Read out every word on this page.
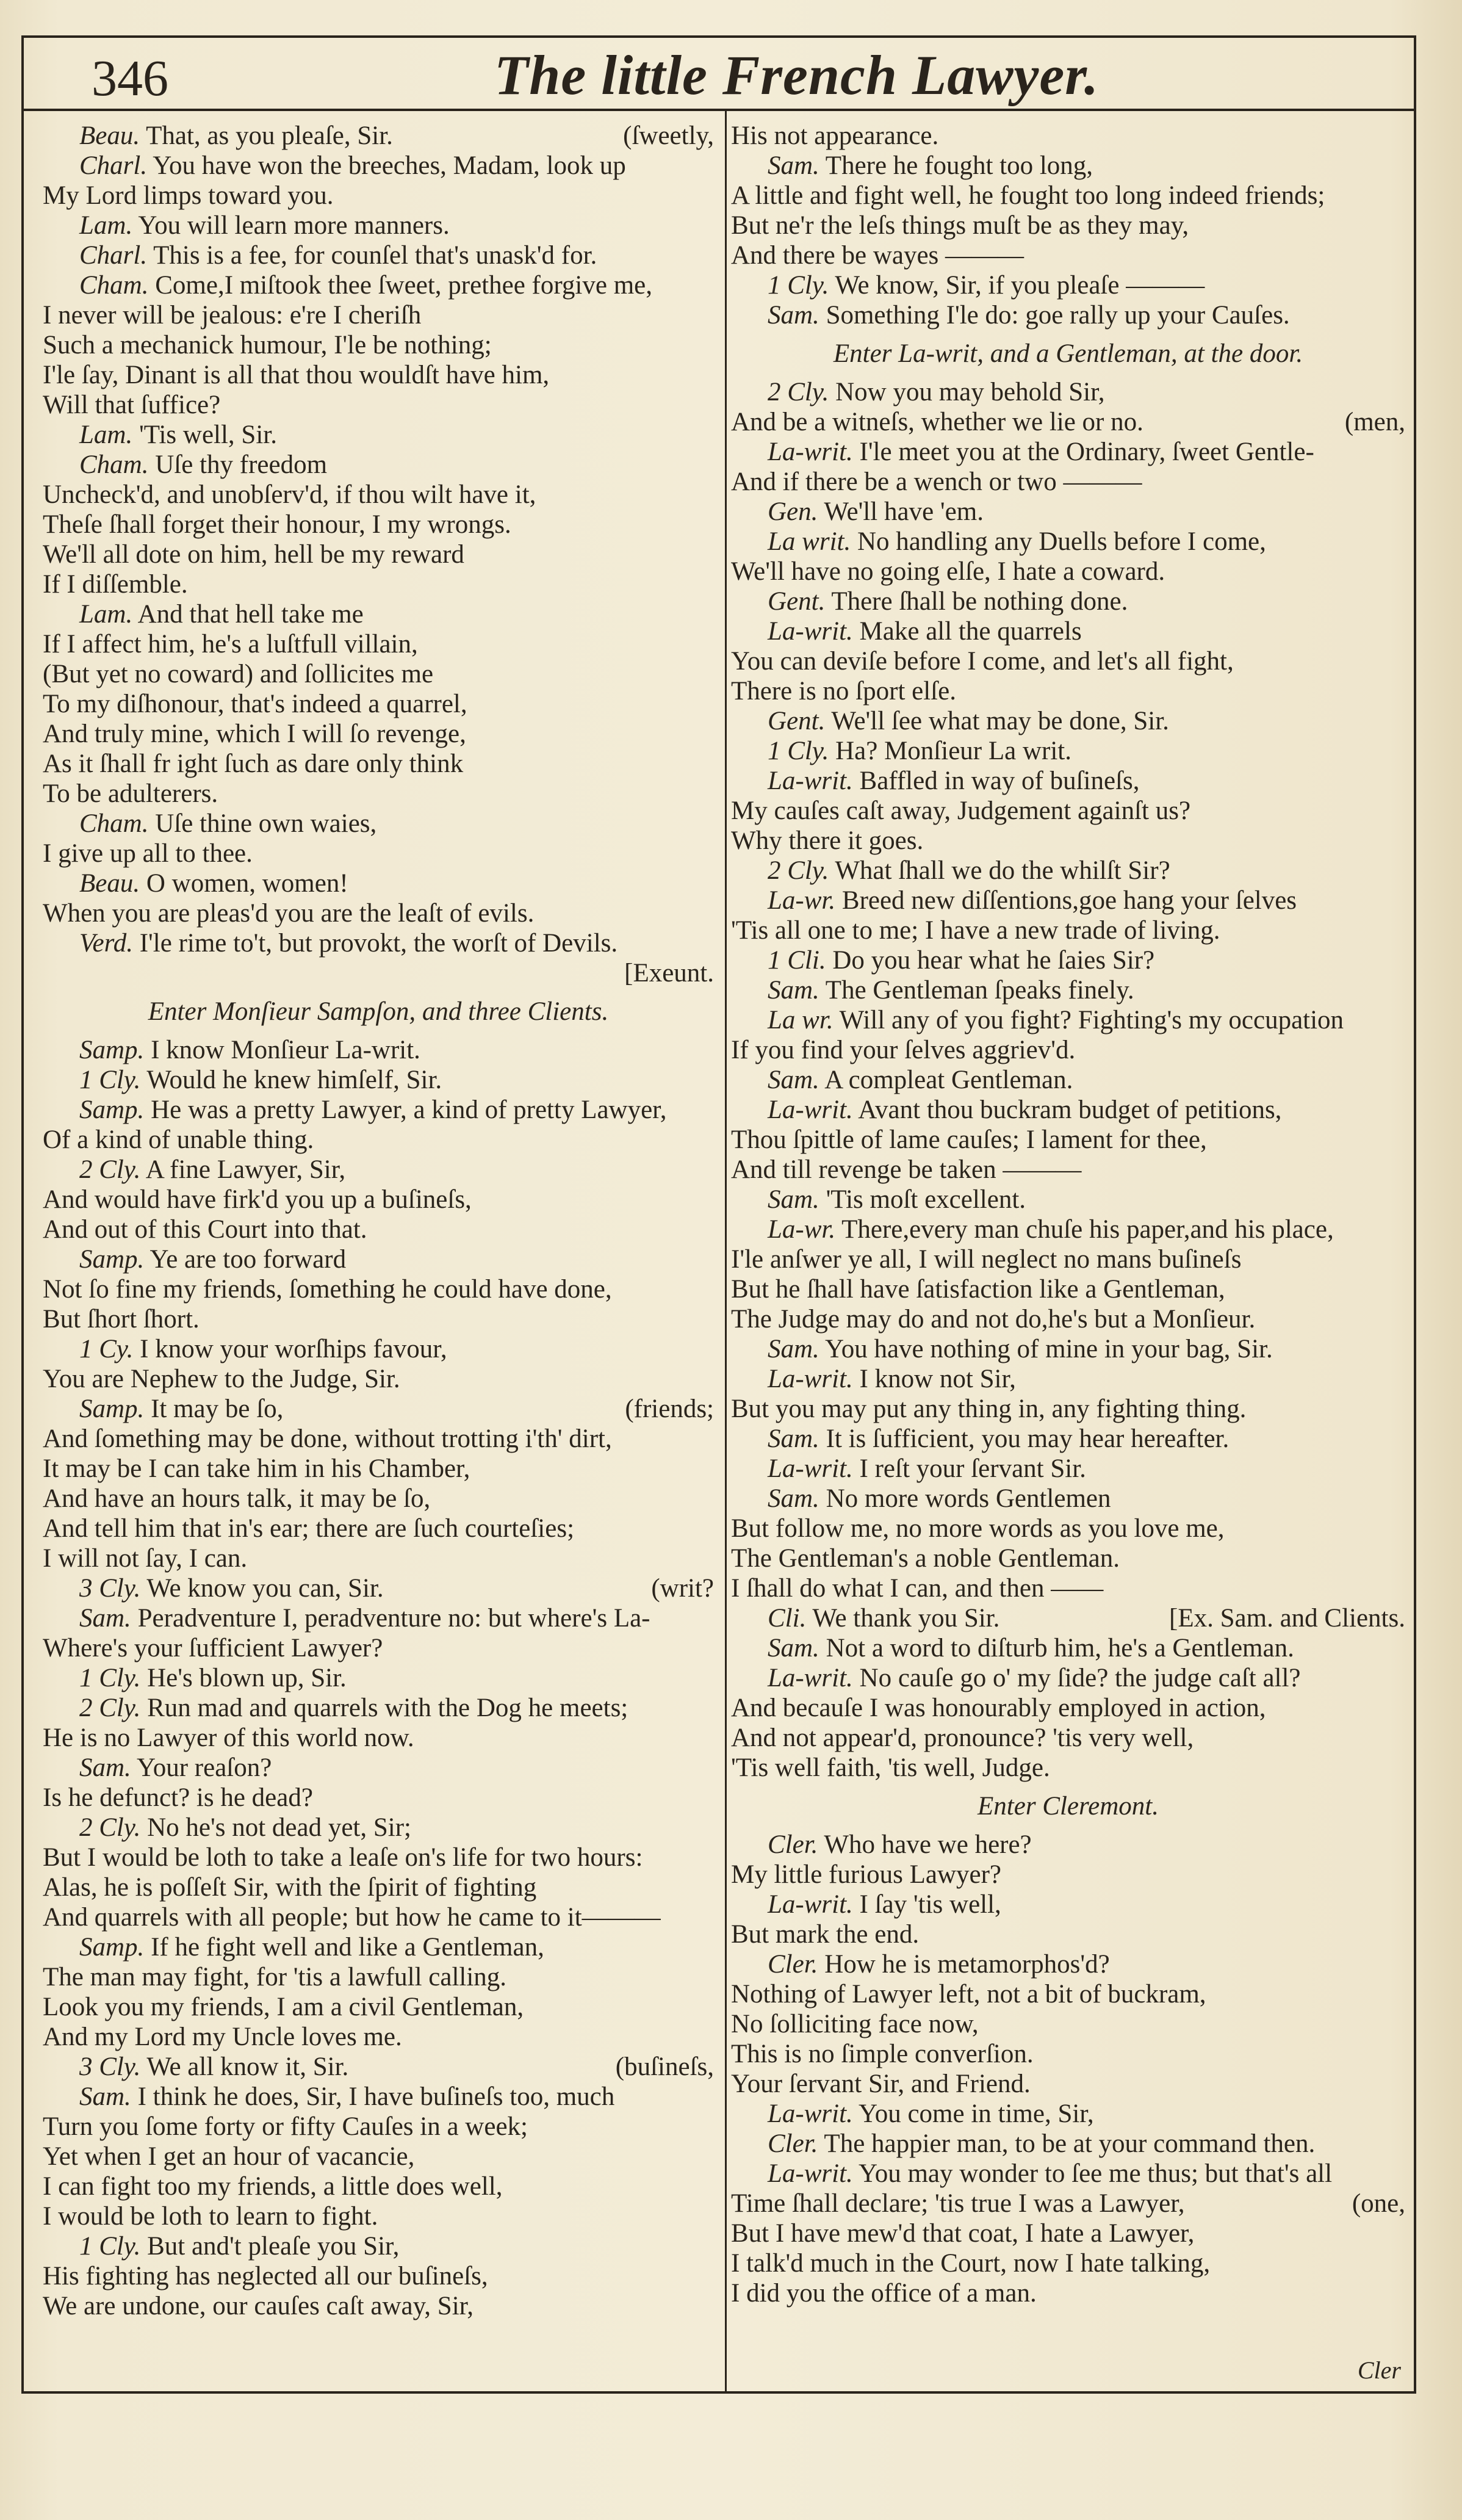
346	The little French Lawyer.
Beau. That, as you pleaſe, Sir.	(ſweetly,
Charl. You have won the breeches, Madam, look up
My Lord limps toward you.
Lam. You will learn more manners.
Charl. This is a fee, for counſel that's unask'd for.
Cham. Come,I miſtook thee ſweet, prethee forgive me,
I never will be jealous: e're I cheriſh
Such a mechanick humour, I'le be nothing;
I'le ſay, Dinant is all that thou wouldſt have him,
Will that ſuffice?
Lam. 'Tis well, Sir.
Cham. Uſe thy freedom
Uncheck'd, and unobſerv'd, if thou wilt have it,
Theſe ſhall forget their honour, I my wrongs.
We'll all dote on him, hell be my reward
If I diſſemble.
Lam. And that hell take me
If I affect him, he's a luſtfull villain,
(But yet no coward) and ſollicites me
To my diſhonour, that's indeed a quarrel,
And truly mine, which I will ſo revenge,
As it ſhall fr ight ſuch as dare only think
To be adulterers.
Cham. Uſe thine own waies,
I give up all to thee.
Beau. O women, women!
When you are pleas'd you are the leaſt of evils.
Verd. I'le rime to't, but provokt, the worſt of Devils.
[Exeunt.
Enter Monſieur Sampſon, and three Clients.
Samp. I know Monſieur La-writ.
1 Cly. Would he knew himſelf, Sir.
Samp. He was a pretty Lawyer, a kind of pretty Lawyer,
Of a kind of unable thing.
2 Cly. A fine Lawyer, Sir,
And would have firk'd you up a buſineſs,
And out of this Court into that.
Samp. Ye are too forward
Not ſo fine my friends, ſomething he could have done,
But ſhort ſhort.
1 Cy. I know your worſhips favour,
You are Nephew to the Judge, Sir.
Samp. It may be ſo,	(friends;
And ſomething may be done, without trotting i'th' dirt,
It may be I can take him in his Chamber,
And have an hours talk, it may be ſo,
And tell him that in's ear; there are ſuch courteſies;
I will not ſay, I can.
3 Cly. We know you can, Sir.	(writ?
Sam. Peradventure I, peradventure no: but where's La-
Where's your ſufficient Lawyer?
1 Cly. He's blown up, Sir.
2 Cly. Run mad and quarrels with the Dog he meets;
He is no Lawyer of this world now.
Sam. Your reaſon?
Is he defunct? is he dead?
2 Cly. No he's not dead yet, Sir;
But I would be loth to take a leaſe on's life for two hours:
Alas, he is poſſeſt Sir, with the ſpirit of fighting
And quarrels with all people; but how he came to it———
Samp. If he fight well and like a Gentleman,
The man may fight, for 'tis a lawfull calling.
Look you my friends, I am a civil Gentleman,
And my Lord my Uncle loves me.
3 Cly. We all know it, Sir.	(buſineſs,
Sam. I think he does, Sir, I have buſineſs too, much
Turn you ſome forty or fifty Cauſes in a week;
Yet when I get an hour of vacancie,
I can fight too my friends, a little does well,
I would be loth to learn to fight.
1 Cly. But and't pleaſe you Sir,
His fighting has neglected all our buſineſs,
We are undone, our cauſes caſt away, Sir,
His not appearance.
Sam. There he fought too long,
A little and fight well, he fought too long indeed friends;
But ne'r the leſs things muſt be as they may,
And there be wayes ———
1 Cly. We know, Sir, if you pleaſe ———
Sam. Something I'le do: goe rally up your Cauſes.
Enter La-writ, and a Gentleman, at the door.
2 Cly. Now you may behold Sir,
And be a witneſs, whether we lie or no.	(men,
La-writ. I'le meet you at the Ordinary, ſweet Gentle-
And if there be a wench or two ———
Gen. We'll have 'em.
La writ. No handling any Duells before I come,
We'll have no going elſe, I hate a coward.
Gent. There ſhall be nothing done.
La-writ. Make all the quarrels
You can deviſe before I come, and let's all fight,
There is no ſport elſe.
Gent. We'll ſee what may be done, Sir.
1 Cly. Ha? Monſieur La writ.
La-writ. Baffled in way of buſineſs,
My cauſes caſt away, Judgement againſt us?
Why there it goes.
2 Cly. What ſhall we do the whilſt Sir?
La-wr. Breed new diſſentions,goe hang your ſelves
'Tis all one to me; I have a new trade of living.
1 Cli. Do you hear what he ſaies Sir?
Sam. The Gentleman ſpeaks finely.
La wr. Will any of you fight? Fighting's my occupation
If you find your ſelves aggriev'd.
Sam. A compleat Gentleman.
La-writ. Avant thou buckram budget of petitions,
Thou ſpittle of lame cauſes; I lament for thee,
And till revenge be taken ———
Sam. 'Tis moſt excellent.
La-wr. There,every man chuſe his paper,and his place,
I'le anſwer ye all, I will neglect no mans buſineſs
But he ſhall have ſatisfaction like a Gentleman,
The Judge may do and not do,he's but a Monſieur.
Sam. You have nothing of mine in your bag, Sir.
La-writ. I know not Sir,
But you may put any thing in, any fighting thing.
Sam. It is ſufficient, you may hear hereafter.
La-writ. I reſt your ſervant Sir.
Sam. No more words Gentlemen
But follow me, no more words as you love me,
The Gentleman's a noble Gentleman.
I ſhall do what I can, and then ——
Cli. We thank you Sir.	[Ex. Sam. and Clients.
Sam. Not a word to diſturb him, he's a Gentleman.
La-writ. No cauſe go o' my ſide? the judge caſt all?
And becauſe I was honourably employed in action,
And not appear'd, pronounce? 'tis very well,
'Tis well faith, 'tis well, Judge.
Enter Cleremont.
Cler. Who have we here?
My little furious Lawyer?
La-writ. I ſay 'tis well,
But mark the end.
Cler. How he is metamorphos'd?
Nothing of Lawyer left, not a bit of buckram,
No ſolliciting face now,
This is no ſimple converſion.
Your ſervant Sir, and Friend.
La-writ. You come in time, Sir,
Cler. The happier man, to be at your command then.
La-writ. You may wonder to ſee me thus; but that's all
Time ſhall declare; 'tis true I was a Lawyer,	(one,
But I have mew'd that coat, I hate a Lawyer,
I talk'd much in the Court, now I hate talking,
I did you the office of a man.
Cler
